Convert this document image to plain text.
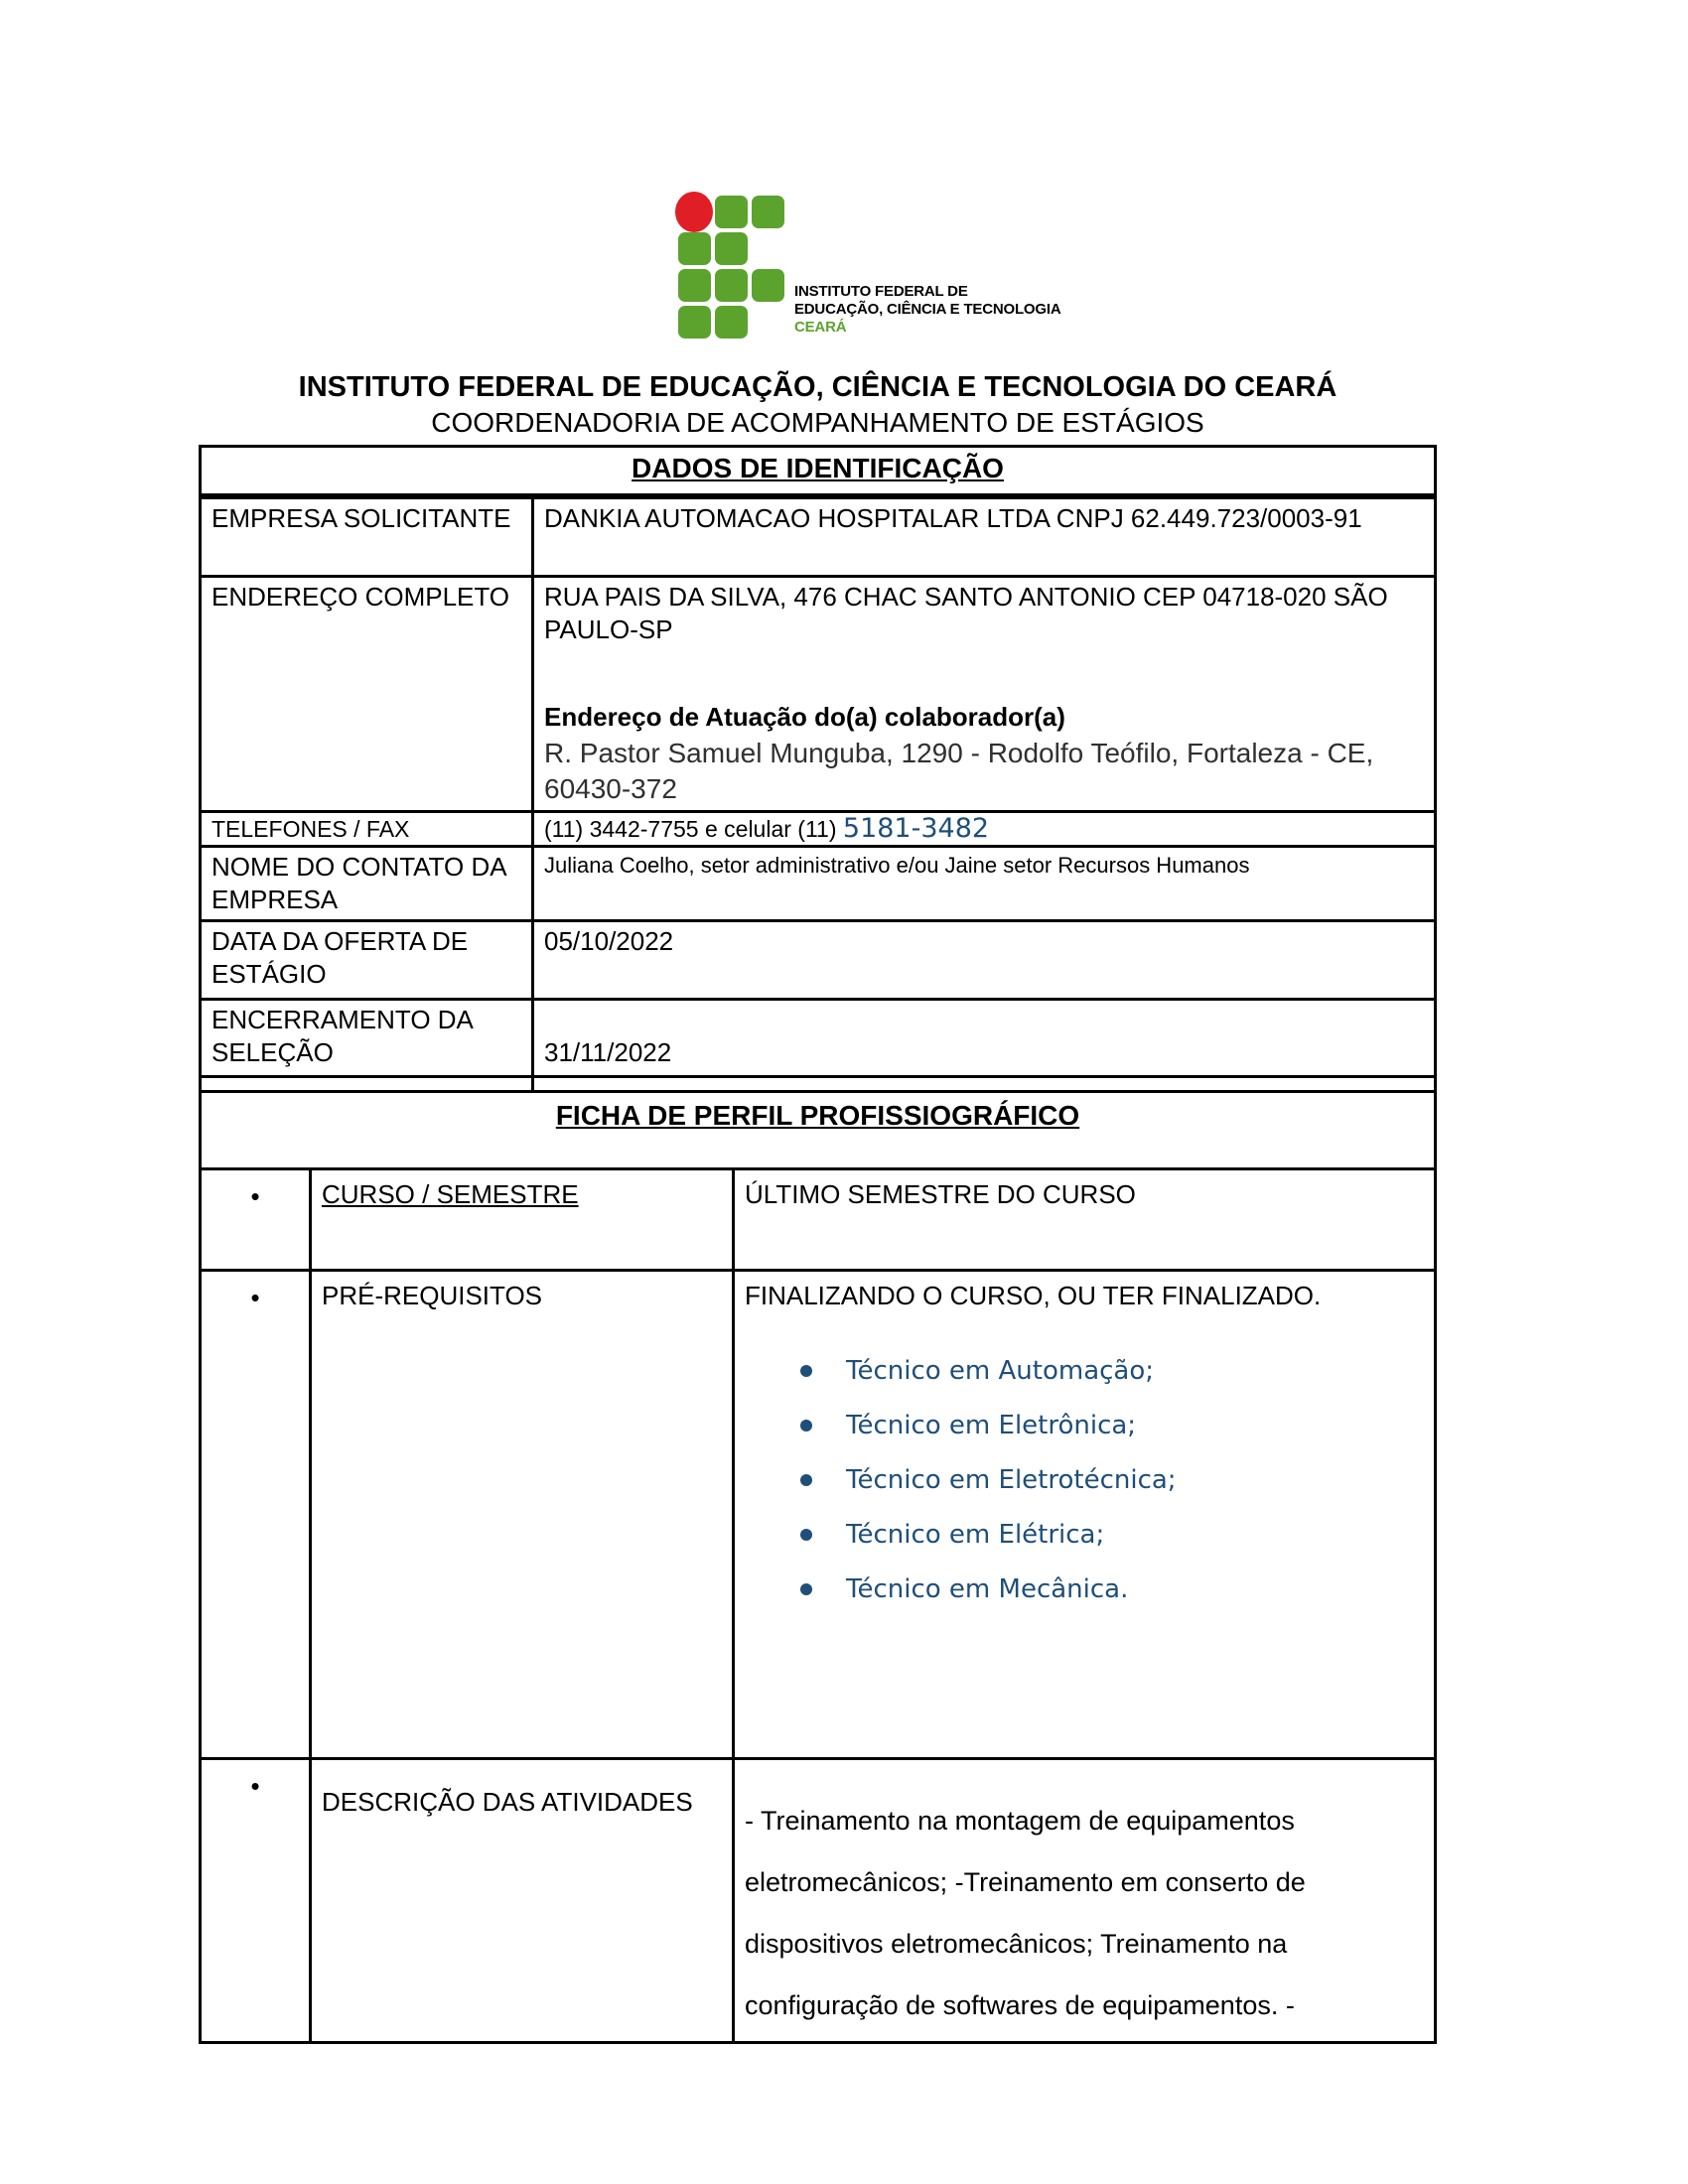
INSTITUTO FEDERAL DE
EDUCAÇÃO, CIÊNCIA E TECNOLOGIA
CEARÁ
INSTITUTO FEDERAL DE EDUCAÇÃO, CIÊNCIA E TECNOLOGIA DO CEARÁ
COORDENADORIA DE ACOMPANHAMENTO DE ESTÁGIOS
DADOS DE IDENTIFICAÇÃO	
EMPRESA SOLICITANTE	DANKIA AUTOMACAO HOSPITALAR LTDA CNPJ 62.449.723/0003-91
ENDEREÇO COMPLETO	RUA PAIS DA SILVA, 476 CHAC SANTO ANTONIO CEP 04718-020 SÃO PAULO-SP
Endereço de Atuação do(a) colaborador(a)
R. Pastor Samuel Munguba, 1290 - Rodolfo Teófilo, Fortaleza - CE, 60430-372

TELEFONES / FAX	(11) 3442-7755 e celular (11) 5181-3482
NOME DO CONTATO DA EMPRESA	Juliana Coelho, setor administrativo e/ou Jaine setor Recursos Humanos
DATA DA OFERTA DE ESTÁGIO	05/10/2022
ENCERRAMENTO DA SELEÇÃO	31/11/2022

FICHA DE PERFIL PROFISSIOGRÁFICO		
•	CURSO / SEMESTRE	ÚLTIMO SEMESTRE DO CURSO
•	PRÉ-REQUISITOS	FINALIZANDO O CURSO, OU TER FINALIZADO.
Técnico em Automação;
Técnico em Eletrônica;
Técnico em Eletrotécnica;
Técnico em Elétrica;
Técnico em Mecânica.

•	DESCRIÇÃO DAS ATIVIDADES	- Treinamento na montagem de equipamentos eletromecânicos; -Treinamento em conserto de dispositivos eletromecânicos; Treinamento na configuração de softwares de equipamentos. -
